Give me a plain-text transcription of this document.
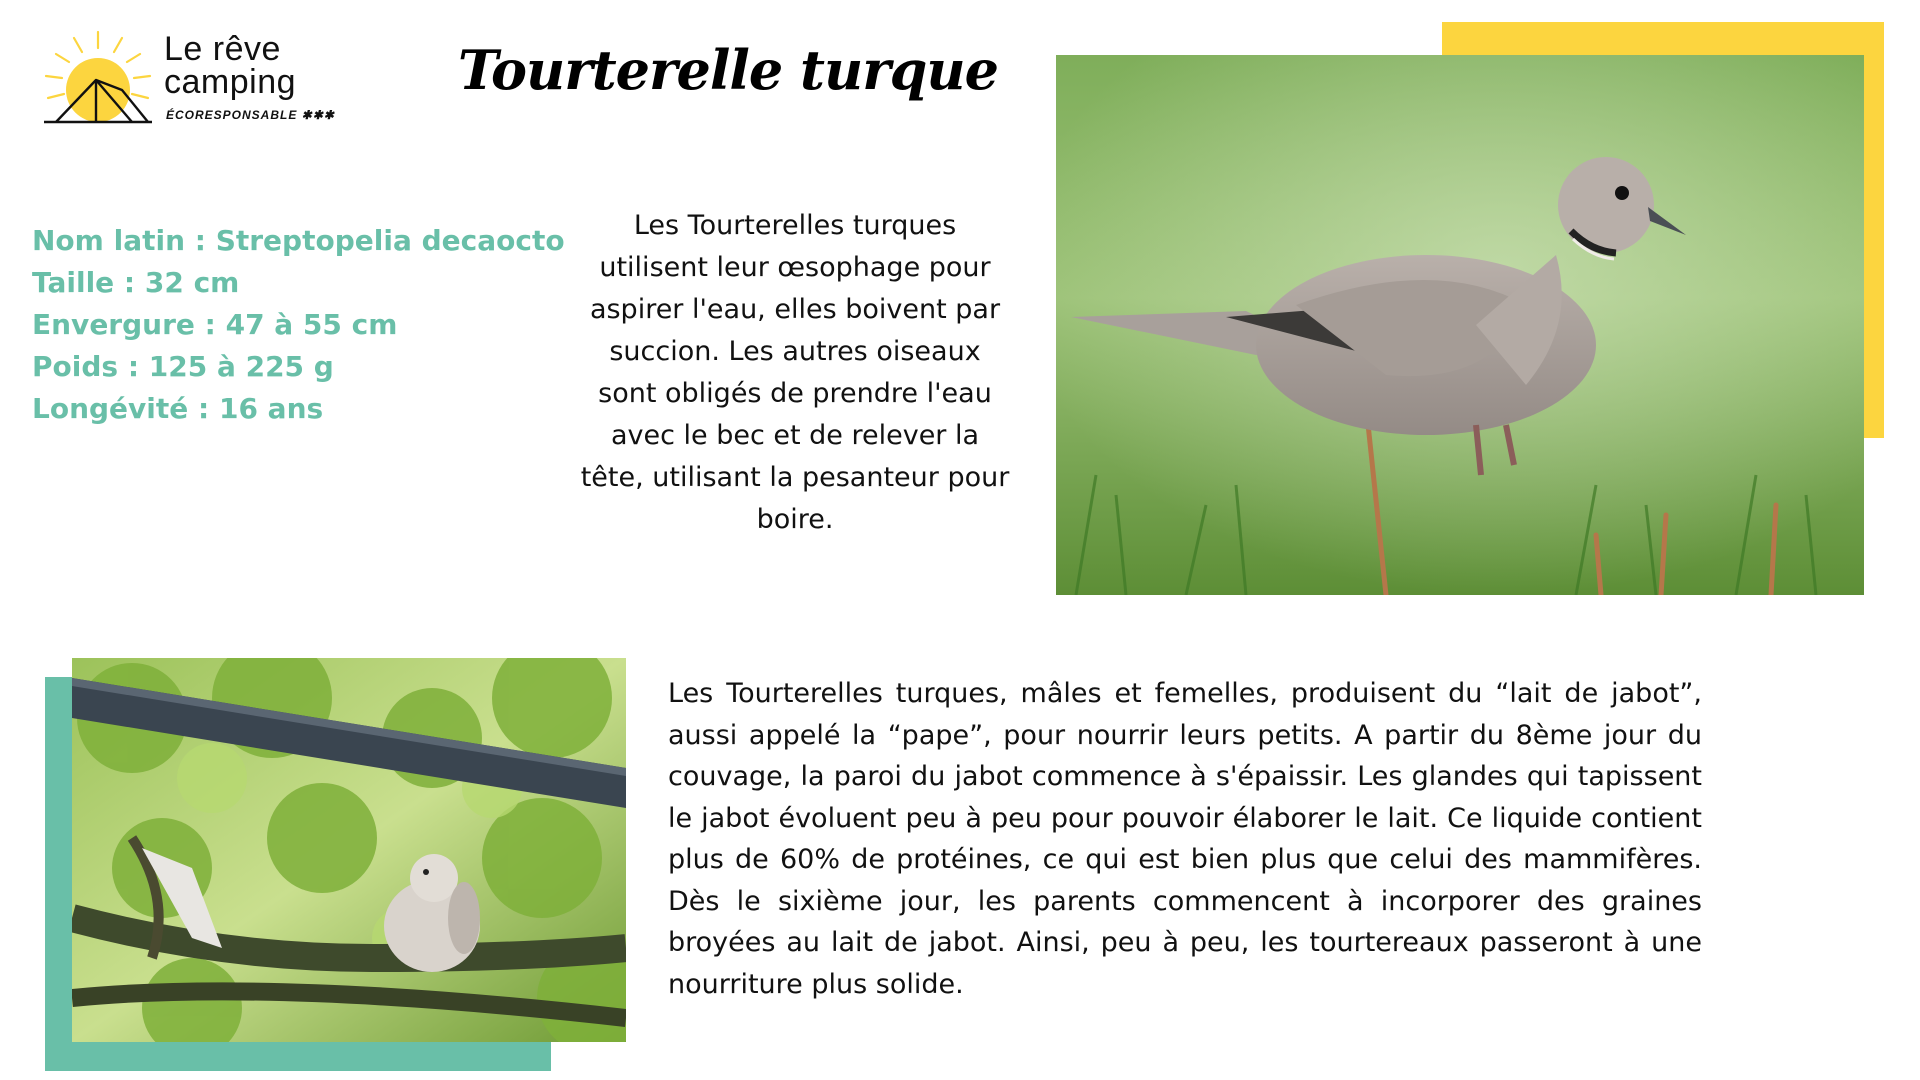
Le rêve
camping
ÉCORESPONSABLE ✱✱✱
Tourterelle turque
Nom latin : Streptopelia decaocto
Taille : 32 cm
Envergure : 47 à 55 cm
Poids : 125 à 225 g
Longévité : 16 ans
Les Tourterelles turques utilisent leur œsophage pour aspirer l'eau, elles boivent par succion. Les autres oiseaux sont obligés de prendre l'eau avec le bec et de relever la tête, utilisant la pesanteur pour boire.
Les Tourterelles turques, mâles et femelles, produisent du “lait de jabot”, aussi appelé la “pape”, pour nourrir leurs petits. A partir du 8ème jour du couvage, la paroi du jabot commence à s'épaissir. Les glandes qui tapissent le jabot évoluent peu à peu pour pouvoir élaborer le lait. Ce liquide contient plus de 60% de protéines, ce qui est bien plus que celui des mammifères. Dès le sixième jour, les parents commencent à incorporer des graines broyées au lait de jabot. Ainsi, peu à peu, les tourtereaux passeront à une nourriture plus solide.
